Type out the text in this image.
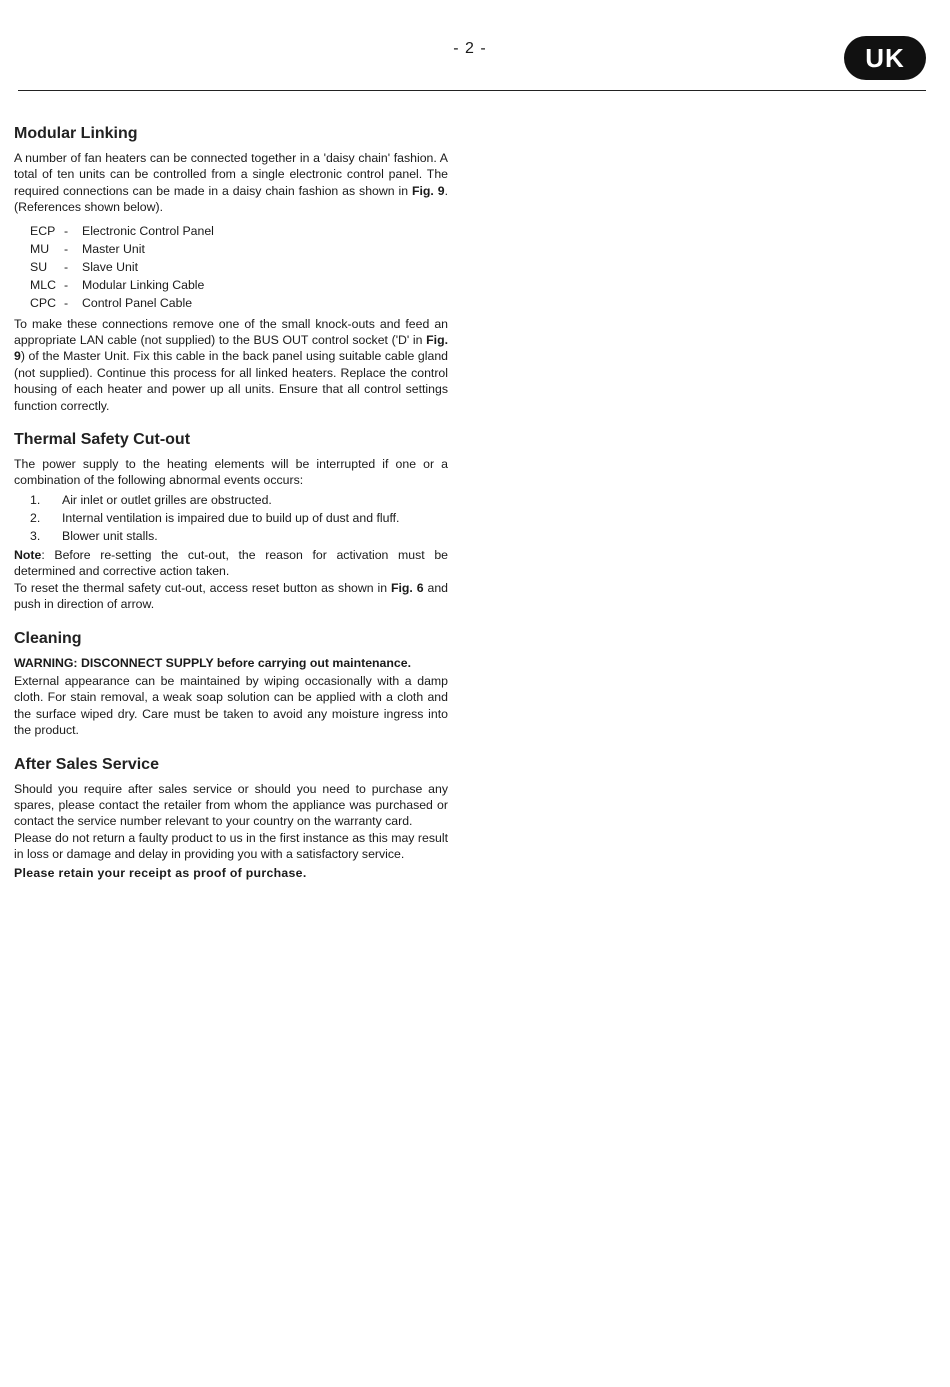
- 2 -	UK
Modular Linking

A number of fan heaters can be connected together in a 'daisy chain' fashion. A total of ten units can be controlled from a single electronic control panel. The required connections can be made in a daisy chain fashion as shown in Fig. 9. (References shown below).

ECP -	Electronic Control Panel
MU	-	Master Unit
SU	-	Slave Unit
MLC -	Modular Linking Cable
CPC -	Control Panel Cable

To make these connections remove one of the small knock-outs and feed an appropriate LAN cable (not supplied) to the BUS OUT control socket ('D' in Fig. 9) of the Master Unit. Fix this cable in the back panel using suitable cable gland (not supplied). Continue this process for all linked heaters. Replace the control housing of each heater and power up all units. Ensure that all control settings function correctly.

Thermal Safety Cut-out

The power supply to the heating elements will be interrupted if one or a combination of the following abnormal events occurs:

1.	Air inlet or outlet grilles are obstructed.
2.	Internal ventilation is impaired due to build up of dust and fluff.
3.	Blower unit stalls.

Note: Before re-setting the cut-out, the reason for activation must be determined and corrective action taken.

To reset the thermal safety cut-out, access reset button as shown in Fig. 6 and push in direction of arrow.

Cleaning

WARNING: DISCONNECT SUPPLY before carrying out maintenance.

External appearance can be maintained by wiping occasionally with a damp cloth. For stain removal, a weak soap solution can be applied with a cloth and the surface wiped dry. Care must be taken to avoid any moisture ingress into the product.

After Sales Service

Should you require after sales service or should you need to purchase any spares, please contact the retailer from whom the appliance was purchased or contact the service number relevant to your country on the warranty card.

Please do not return a faulty product to us in the first instance as this may result in loss or damage and delay in providing you with a satisfactory service.

Please retain your receipt as proof of purchase.
